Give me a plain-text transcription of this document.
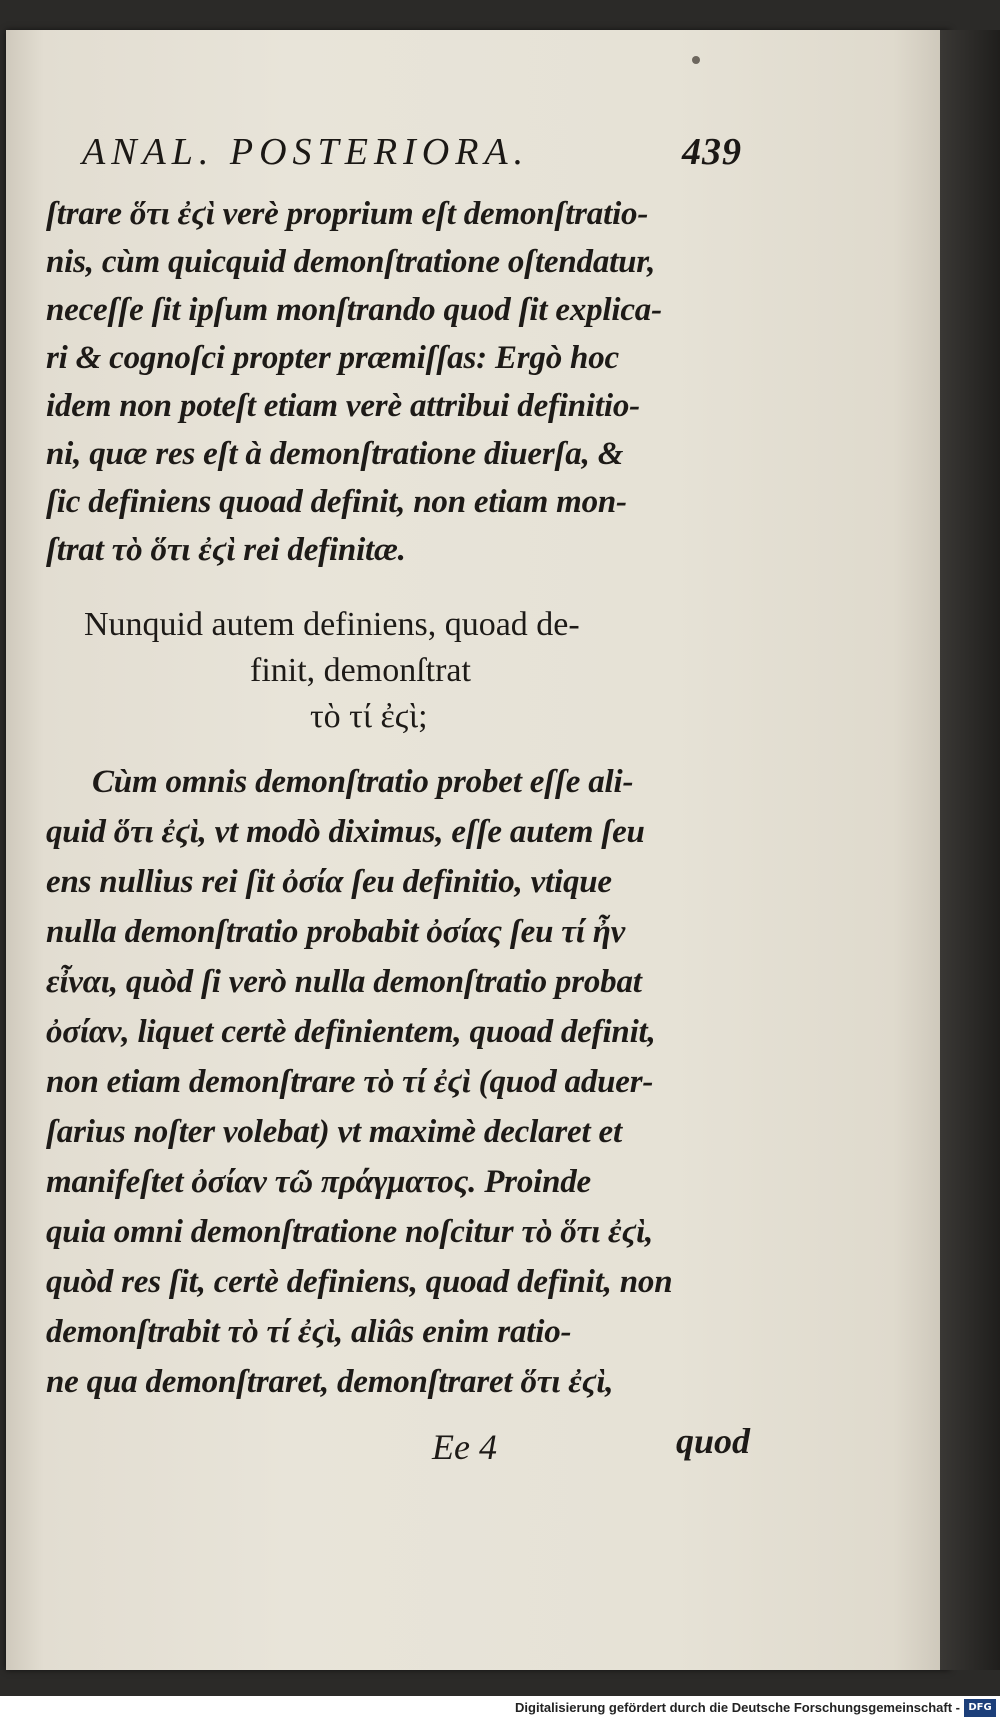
ANAL. POSTERIORA.	439
ſtrare ὅτι ἐϛὶ verè proprium eſt demonſtratio-
nis, cùm quicquid demonſtratione oſtendatur,
neceſſe ſit ipſum monſtrando quod ſit explica-
ri & cognoſci propter præmiſſas: Ergò hoc
idem non poteſt etiam verè attribui definitio-
ni, quæ res eſt à demonſtratione diuerſa, &
ſic definiens quoad definit, non etiam mon-
ſtrat τὸ ὅτι ἐϛὶ rei definitæ.
Nunquid autem definiens, quoad de-
finit, demonſtrat
τὸ τί ἐϛὶ;
Cùm omnis demonſtratio probet eſſe ali-
quid ὅτι ἐϛὶ, vt modò diximus, eſſe autem ſeu
ens nullius rei ſit ὀσία ſeu definitio, vtique
nulla demonſtratio probabit ὀσίας ſeu τί ἦν
εἶναι, quòd ſi verò nulla demonſtratio probat
ὀσίαν, liquet certè definientem, quoad definit,
non etiam demonſtrare τὸ τί ἐϛὶ (quod aduer-
ſarius noſter volebat) vt maximè declaret et
manifeſtet ὀσίαν τῶ πράγματος. Proinde
quia omni demonſtratione noſcitur τὸ ὅτι ἐϛὶ,
quòd res ſit, certè definiens, quoad definit, non
demonſtrabit τὸ τί ἐϛὶ, aliâs enim ratio-
ne qua demonſtraret, demonſtraret ὅτι ἐϛὶ,
Ee 4	quod
Digitalisierung gefördert durch die Deutsche Forschungsgemeinschaft - DFG
